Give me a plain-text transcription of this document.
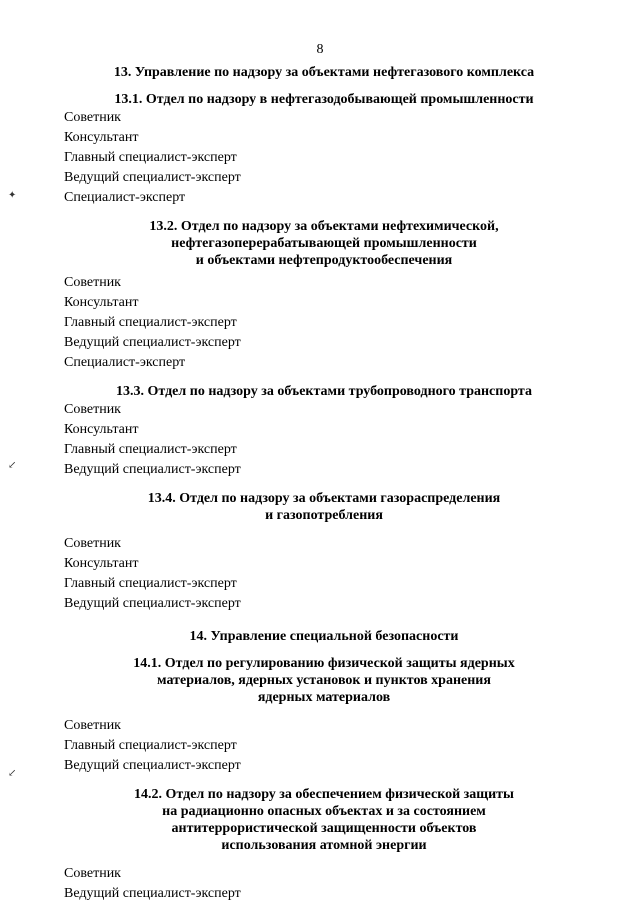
8
✦
↙
↙
13. Управление по надзору за объектами нефтегазового комплекса
13.1. Отдел по надзору в нефтегазодобывающей промышленности
Советник
Консультант
Главный специалист-эксперт
Ведущий специалист-эксперт
Специалист-эксперт
13.2. Отдел по надзору за объектами нефтехимической,
нефтегазоперерабатывающей промышленности
и объектами нефтепродуктообеспечения
Советник
Консультант
Главный специалист-эксперт
Ведущий специалист-эксперт
Специалист-эксперт
13.3. Отдел по надзору за объектами трубопроводного транспорта
Советник
Консультант
Главный специалист-эксперт
Ведущий специалист-эксперт
13.4. Отдел по надзору за объектами газораспределения
и газопотребления
Советник
Консультант
Главный специалист-эксперт
Ведущий специалист-эксперт
14. Управление специальной безопасности
14.1. Отдел по регулированию физической защиты ядерных
материалов, ядерных установок и пунктов хранения
ядерных материалов
Советник
Главный специалист-эксперт
Ведущий специалист-эксперт
14.2. Отдел по надзору за обеспечением физической защиты
на радиационно опасных объектах и за состоянием
антитеррористической защищенности объектов
использования атомной энергии
Советник
Ведущий специалист-эксперт
